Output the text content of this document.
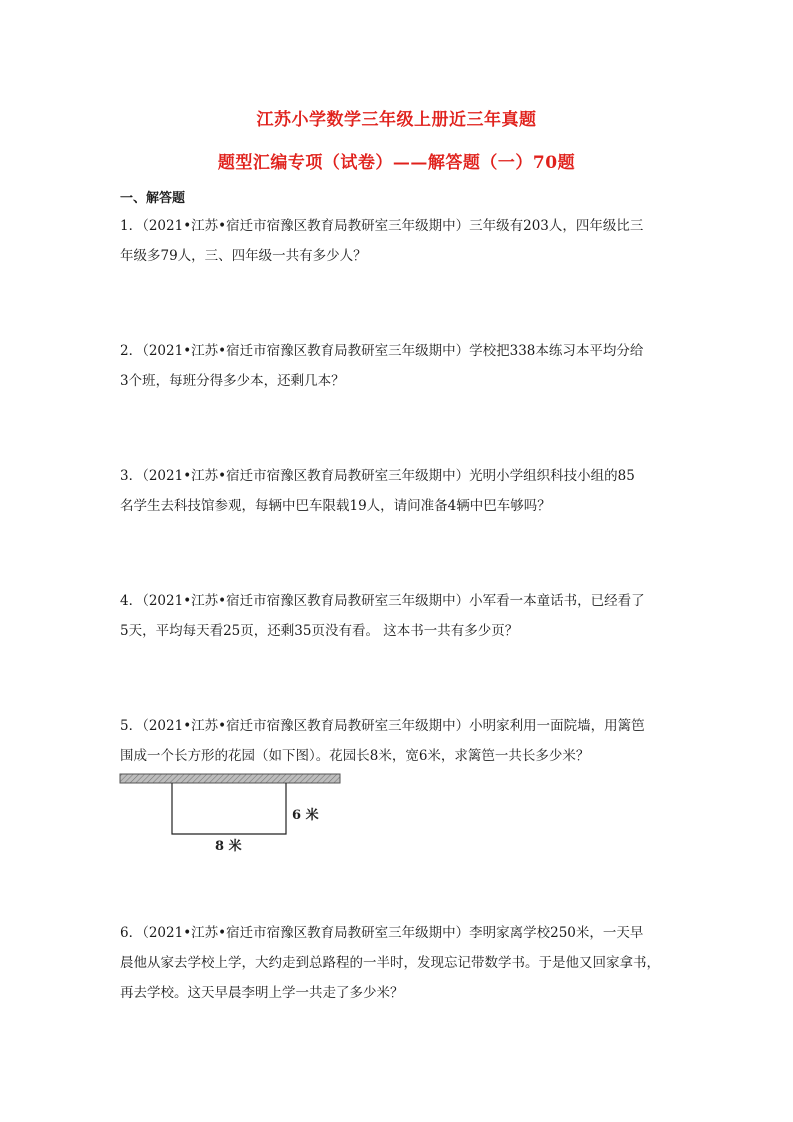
江苏小学数学三年级上册近三年真题
题型汇编专项（试卷）——解答题（一）70题
一、解答题

1．（2021•江苏•宿迁市宿豫区教育局教研室三年级期中）三年级有203人，四年级比三

年级多79人，三、四年级一共有多少人？

2．（2021•江苏•宿迁市宿豫区教育局教研室三年级期中）学校把338本练习本平均分给

3个班，每班分得多少本，还剩几本？

3．（2021•江苏•宿迁市宿豫区教育局教研室三年级期中）光明小学组织科技小组的85

名学生去科技馆参观，每辆中巴车限载19人，请问准备4辆中巴车够吗？

4．（2021•江苏•宿迁市宿豫区教育局教研室三年级期中）小军看一本童话书，已经看了

5天，平均每天看25页，还剩35页没有看。 这本书一共有多少页？

5．（2021•江苏•宿迁市宿豫区教育局教研室三年级期中）小明家利用一面院墙，用篱笆

围成一个长方形的花园（如下图）。花园长8米，宽6米，求篱笆一共长多少米？

6 米
8 米

6．（2021•江苏•宿迁市宿豫区教育局教研室三年级期中）李明家离学校250米，一天早

晨他从家去学校上学，大约走到总路程的一半时，发现忘记带数学书。于是他又回家拿书，

再去学校。这天早晨李明上学一共走了多少米？
